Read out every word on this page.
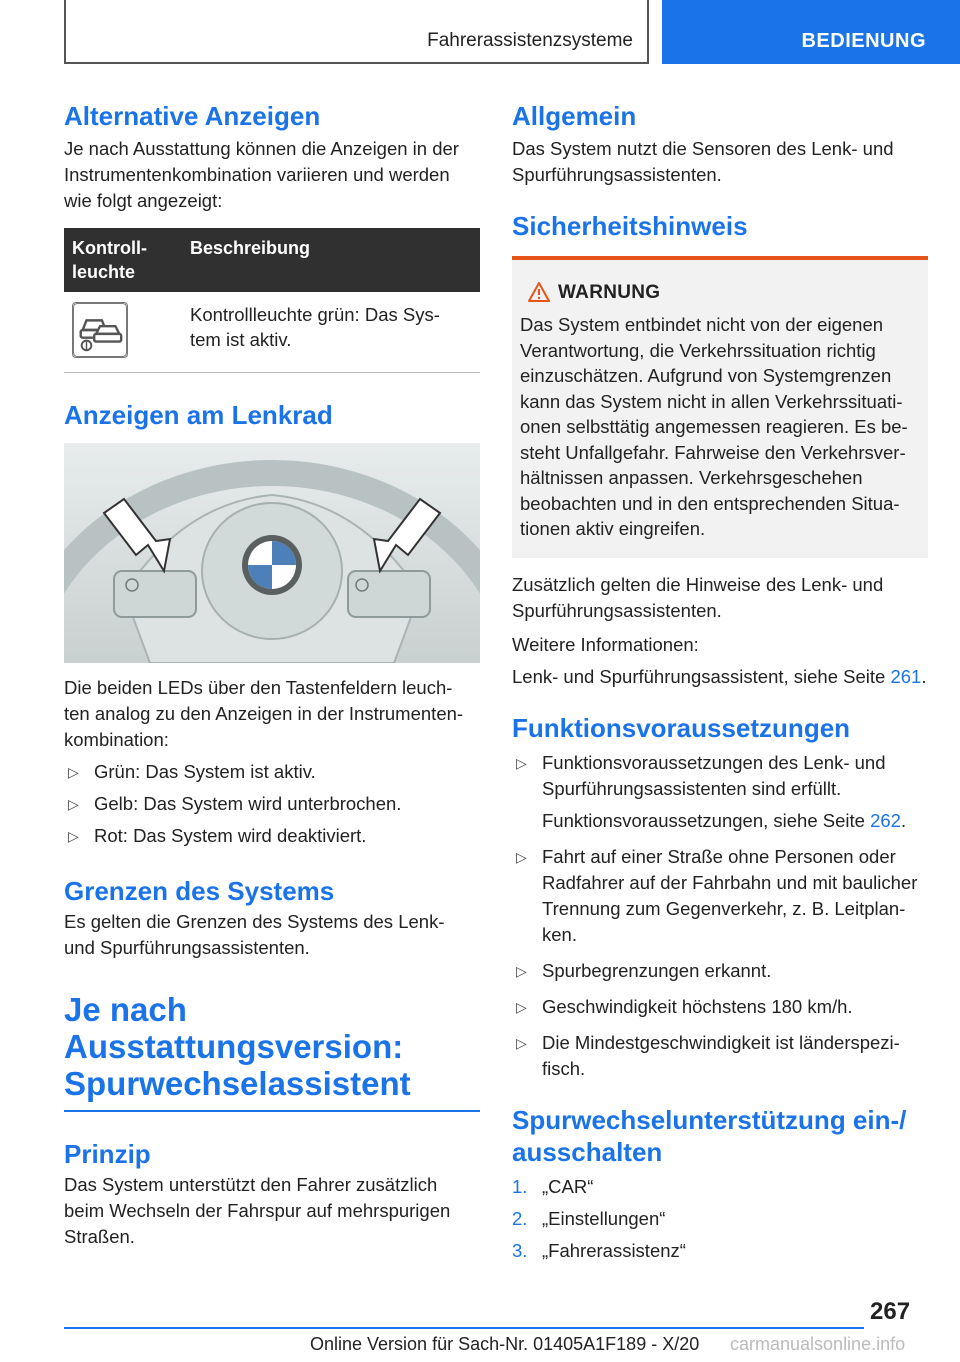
Fahrerassistenzsysteme	BEDIENUNG
Alternative Anzeigen

Je nach Ausstattung können die Anzeigen in der Instrumentenkombination variieren und werden wie folgt angezeigt:

Kontroll- leuchte	Beschreibung

	Kontrollleuchte grün: Das Sys- tem ist aktiv.
Anzeigen am Lenkrad

Die beiden LEDs über den Tastenfeldern leuch- ten analog zu den Anzeigen in der Instrumenten- kombination:

▷ Grün: Das System ist aktiv.
▷ Gelb: Das System wird unterbrochen.
▷ Rot: Das System wird deaktiviert.
Grenzen des Systems

Es gelten die Grenzen des Systems des Lenk- und Spurführungsassistenten.

Je nach
Ausstattungsversion:
Spurwechselassistent
Prinzip

Das System unterstützt den Fahrer zusätzlich beim Wechseln der Fahrspur auf mehrspurigen Straßen.

Allgemein

Das System nutzt die Sensoren des Lenk- und Spurführungsassistenten.

Sicherheitshinweis
WARNUNG

Das System entbindet nicht von der eigenen Verantwortung, die Verkehrssituation richtig einzuschätzen. Aufgrund von Systemgrenzen kann das System nicht in allen Verkehrssituati- onen selbsttätig angemessen reagieren. Es be- steht Unfallgefahr. Fahrweise den Verkehrsver- hältnissen anpassen. Verkehrsgeschehen beobachten und in den entsprechenden Situa- tionen aktiv eingreifen.

Zusätzlich gelten die Hinweise des Lenk- und Spurführungsassistenten.

Weitere Informationen:

Lenk- und Spurführungsassistent, siehe Seite 261.

Funktionsvoraussetzungen
▷ Funktionsvoraussetzungen des Lenk- und Spurführungsassistenten sind erfüllt.
Funktionsvoraussetzungen, siehe Seite 262.
▷ Fahrt auf einer Straße ohne Personen oder Radfahrer auf der Fahrbahn und mit baulicher Trennung zum Gegenverkehr, z. B. Leitplan- ken.
▷ Spurbegrenzungen erkannt.
▷ Geschwindigkeit höchstens 180 km/h.
▷ Die Mindestgeschwindigkeit ist länderspezi- fisch.
Spurwechselunterstützung ein-/
ausschalten
1. „CAR“
2. „Einstellungen“
3. „Fahrerassistenz“
267
Online Version für Sach-Nr. 01405A1F189 - X/20 carmanualsonline.info
